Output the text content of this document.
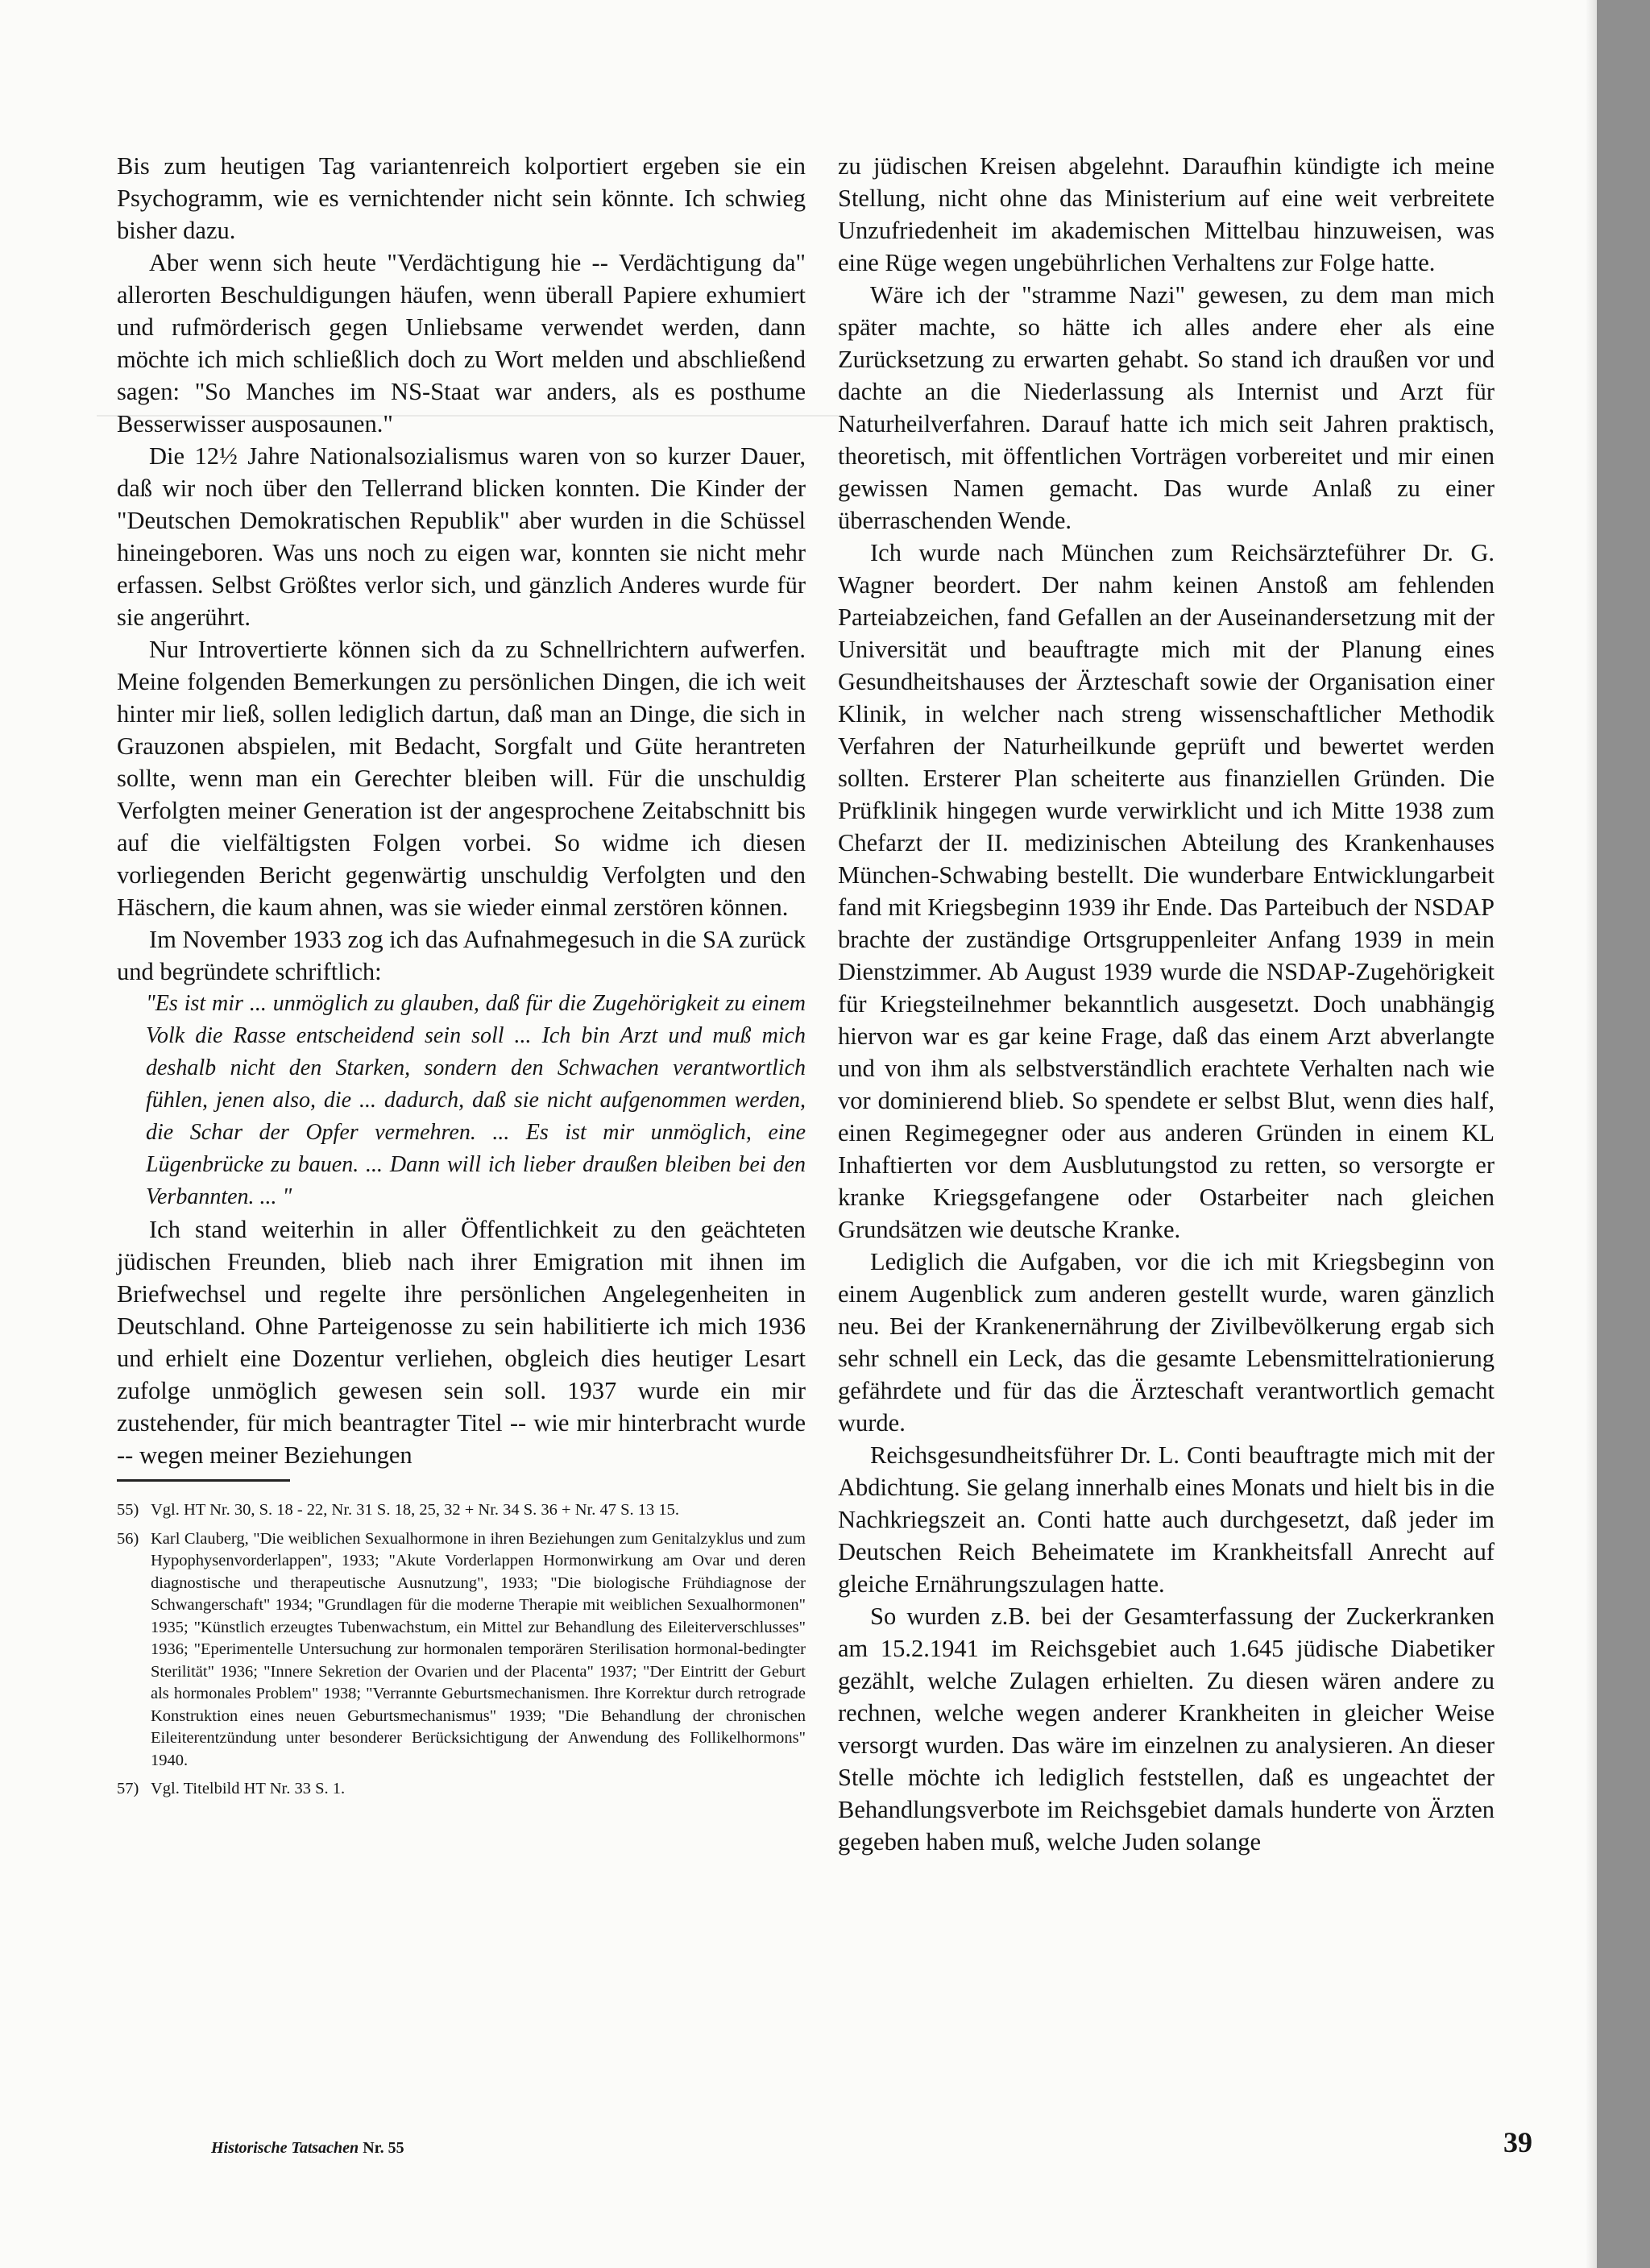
Bis zum heutigen Tag variantenreich kolportiert ergeben sie ein Psychogramm, wie es vernichtender nicht sein könnte. Ich schwieg bisher dazu.

Aber wenn sich heute "Verdächtigung hie -- Verdächtigung da" allerorten Beschuldigungen häufen, wenn überall Papiere exhumiert und rufmörderisch gegen Unliebsame verwendet werden, dann möchte ich mich schließlich doch zu Wort melden und abschließend sagen: "So Manches im NS-Staat war anders, als es posthume Besserwisser ausposaunen."

Die 12½ Jahre Nationalsozialismus waren von so kurzer Dauer, daß wir noch über den Tellerrand blicken konnten. Die Kinder der "Deutschen Demokratischen Republik" aber wurden in die Schüssel hineingeboren. Was uns noch zu eigen war, konnten sie nicht mehr erfassen. Selbst Größtes verlor sich, und gänzlich Anderes wurde für sie angerührt.

Nur Introvertierte können sich da zu Schnellrichtern aufwerfen. Meine folgenden Bemerkungen zu persönlichen Dingen, die ich weit hinter mir ließ, sollen lediglich dartun, daß man an Dinge, die sich in Grauzonen abspielen, mit Bedacht, Sorgfalt und Güte herantreten sollte, wenn man ein Gerechter bleiben will. Für die unschuldig Verfolgten meiner Generation ist der angesprochene Zeitabschnitt bis auf die vielfältigsten Folgen vorbei. So widme ich diesen vorliegenden Bericht gegenwärtig unschuldig Verfolgten und den Häschern, die kaum ahnen, was sie wieder einmal zerstören können.

Im November 1933 zog ich das Aufnahmegesuch in die SA zurück und begründete schriftlich:

"Es ist mir ... unmöglich zu glauben, daß für die Zugehörigkeit zu einem Volk die Rasse entscheidend sein soll ... Ich bin Arzt und muß mich deshalb nicht den Starken, sondern den Schwachen verantwortlich fühlen, jenen also, die ... dadurch, daß sie nicht aufgenommen werden, die Schar der Opfer vermehren. ... Es ist mir unmöglich, eine Lügenbrücke zu bauen. ... Dann will ich lieber draußen bleiben bei den Verbannten. ... "

Ich stand weiterhin in aller Öffentlichkeit zu den geächteten jüdischen Freunden, blieb nach ihrer Emigration mit ihnen im Briefwechsel und regelte ihre persönlichen Angelegenheiten in Deutschland. Ohne Parteigenosse zu sein habilitierte ich mich 1936 und erhielt eine Dozentur verliehen, obgleich dies heutiger Lesart zufolge unmöglich gewesen sein soll. 1937 wurde ein mir zustehender, für mich beantragter Titel -- wie mir hinterbracht wurde -- wegen meiner Beziehungen

55) Vgl. HT Nr. 30, S. 18 - 22, Nr. 31 S. 18, 25, 32 + Nr. 34 S. 36 + Nr. 47 S. 13 15.

56) Karl Clauberg, "Die weiblichen Sexualhormone in ihren Beziehungen zum Genitalzyklus und zum Hypophysenvorderlappen", 1933; "Akute Vorderlappen Hormonwirkung am Ovar und deren diagnostische und therapeutische Ausnutzung", 1933; "Die biologische Frühdiagnose der Schwangerschaft" 1934; "Grundlagen für die moderne Therapie mit weiblichen Sexualhormonen" 1935; "Künstlich erzeugtes Tubenwachstum, ein Mittel zur Behandlung des Eileiterverschlusses" 1936; "Eperimentelle Untersuchung zur hormonalen temporären Sterilisation hormonal-bedingter Sterilität" 1936; "Innere Sekretion der Ovarien und der Placenta" 1937; "Der Eintritt der Geburt als hormonales Problem" 1938; "Verrannte Geburtsmechanismen. Ihre Korrektur durch retrograde Konstruktion eines neuen Geburtsmechanismus" 1939; "Die Behandlung der chronischen Eileiterentzündung unter besonderer Berücksichtigung der Anwendung des Follikelhormons" 1940.

57) Vgl. Titelbild HT Nr. 33 S. 1.

zu jüdischen Kreisen abgelehnt. Daraufhin kündigte ich meine Stellung, nicht ohne das Ministerium auf eine weit verbreitete Unzufriedenheit im akademischen Mittelbau hinzuweisen, was eine Rüge wegen ungebührlichen Verhaltens zur Folge hatte.

Wäre ich der "stramme Nazi" gewesen, zu dem man mich später machte, so hätte ich alles andere eher als eine Zurücksetzung zu erwarten gehabt. So stand ich draußen vor und dachte an die Niederlassung als Internist und Arzt für Naturheilverfahren. Darauf hatte ich mich seit Jahren praktisch, theoretisch, mit öffentlichen Vorträgen vorbereitet und mir einen gewissen Namen gemacht. Das wurde Anlaß zu einer überraschenden Wende.

Ich wurde nach München zum Reichsärzteführer Dr. G. Wagner beordert. Der nahm keinen Anstoß am fehlenden Parteiabzeichen, fand Gefallen an der Auseinandersetzung mit der Universität und beauftragte mich mit der Planung eines Gesundheitshauses der Ärzteschaft sowie der Organisation einer Klinik, in welcher nach streng wissenschaftlicher Methodik Verfahren der Naturheilkunde geprüft und bewertet werden sollten. Ersterer Plan scheiterte aus finanziellen Gründen. Die Prüfklinik hingegen wurde verwirklicht und ich Mitte 1938 zum Chefarzt der II. medizinischen Abteilung des Krankenhauses München-Schwabing bestellt. Die wunderbare Entwicklungarbeit fand mit Kriegsbeginn 1939 ihr Ende. Das Parteibuch der NSDAP brachte der zuständige Ortsgruppenleiter Anfang 1939 in mein Dienstzimmer. Ab August 1939 wurde die NSDAP-Zugehörigkeit für Kriegsteilnehmer bekanntlich ausgesetzt. Doch unabhängig hiervon war es gar keine Frage, daß das einem Arzt abverlangte und von ihm als selbstverständlich erachtete Verhalten nach wie vor dominierend blieb. So spendete er selbst Blut, wenn dies half, einen Regimegegner oder aus anderen Gründen in einem KL Inhaftierten vor dem Ausblutungstod zu retten, so versorgte er kranke Kriegsgefangene oder Ostarbeiter nach gleichen Grundsätzen wie deutsche Kranke.

Lediglich die Aufgaben, vor die ich mit Kriegsbeginn von einem Augenblick zum anderen gestellt wurde, waren gänzlich neu. Bei der Krankenernährung der Zivilbevölkerung ergab sich sehr schnell ein Leck, das die gesamte Lebensmittelrationierung gefährdete und für das die Ärzteschaft verantwortlich gemacht wurde.

Reichsgesundheitsführer Dr. L. Conti beauftragte mich mit der Abdichtung. Sie gelang innerhalb eines Monats und hielt bis in die Nachkriegszeit an. Conti hatte auch durchgesetzt, daß jeder im Deutschen Reich Beheimatete im Krankheitsfall Anrecht auf gleiche Ernährungszulagen hatte.

So wurden z.B. bei der Gesamterfassung der Zuckerkranken am 15.2.1941 im Reichsgebiet auch 1.645 jüdische Diabetiker gezählt, welche Zulagen erhielten. Zu diesen wären andere zu rechnen, welche wegen anderer Krankheiten in gleicher Weise versorgt wurden. Das wäre im einzelnen zu analysieren. An dieser Stelle möchte ich lediglich feststellen, daß es ungeachtet der Behandlungsverbote im Reichsgebiet damals hunderte von Ärzten gegeben haben muß, welche Juden solange

Historische Tatsachen Nr. 55	39
